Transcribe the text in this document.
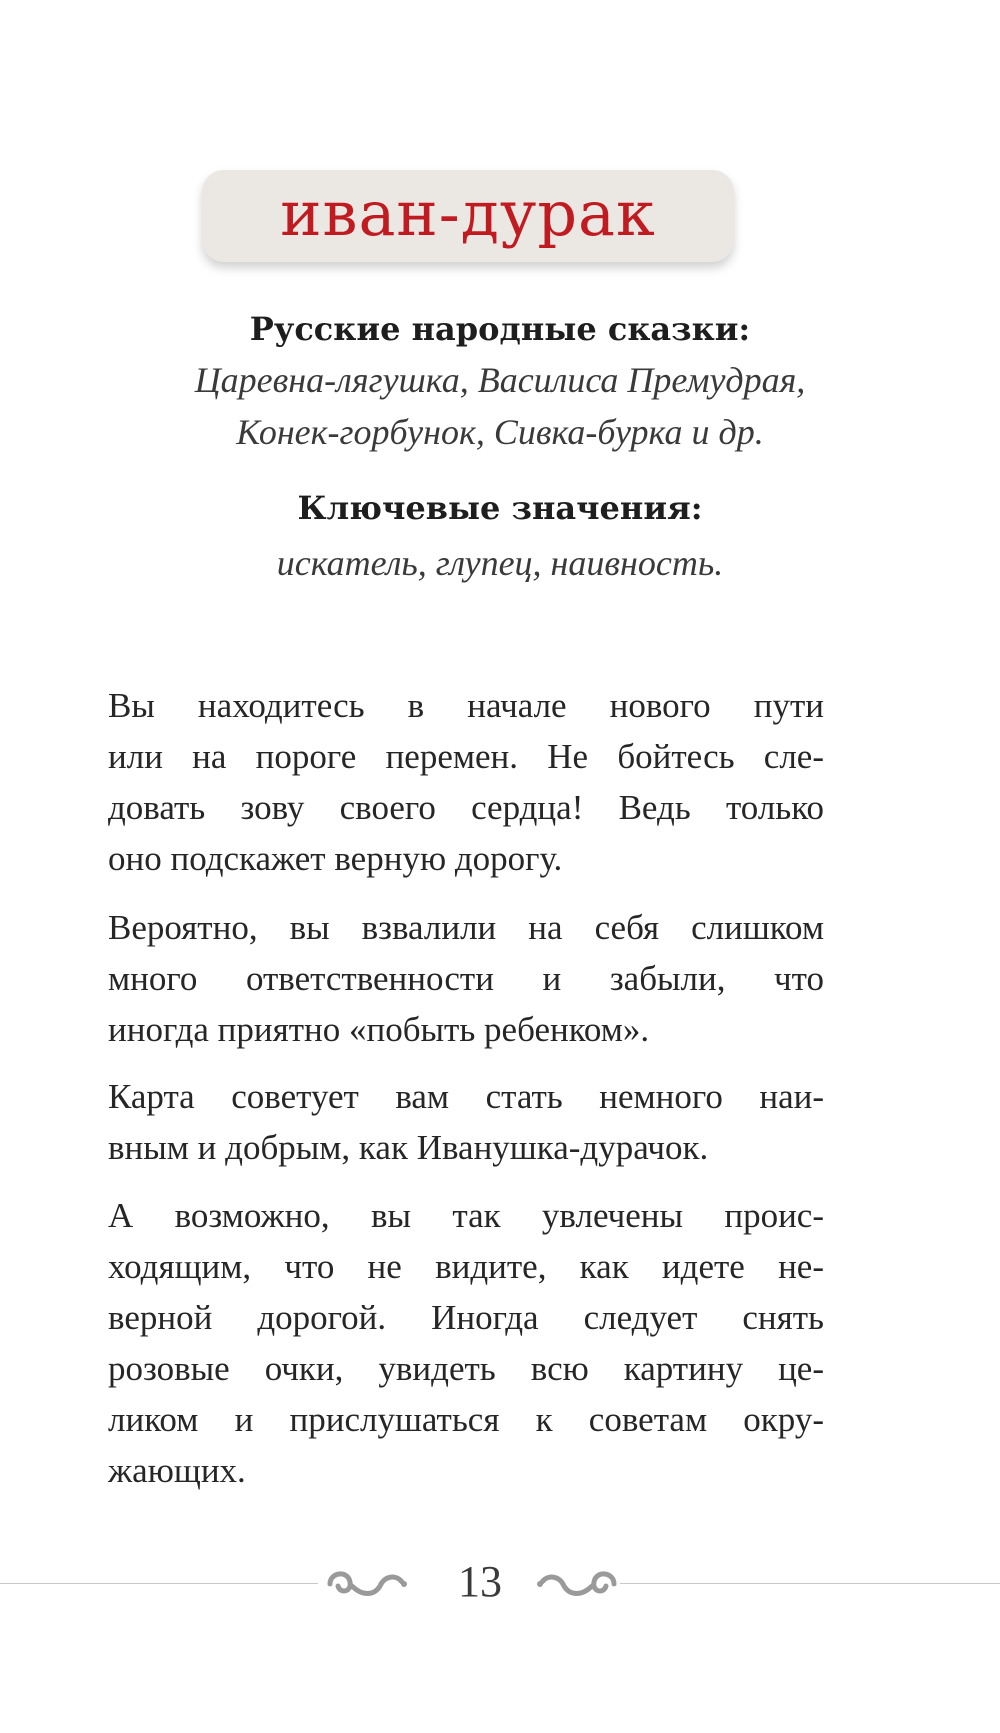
иван-дурак
Русские народные сказки:
Царевна-лягушка, Василиса Премудрая,
Конек-горбунок, Сивка-бурка и др.
Ключевые значения:
искатель, глупец, наивность.
Вы находитесь в начале нового пути
или на пороге перемен. Не бойтесь сле-
довать зову своего сердца! Ведь только
оно подскажет верную дорогу.
Вероятно, вы взвалили на себя слишком
много ответственности и забыли, что
иногда приятно «побыть ребенком».
Карта советует вам стать немного наи-
вным и добрым, как Иванушка-дурачок.
А возможно, вы так увлечены проис-
ходящим, что не видите, как идете не-
верной дорогой. Иногда следует снять
розовые очки, увидеть всю картину це-
ликом и прислушаться к советам окру-
жающих.
13
